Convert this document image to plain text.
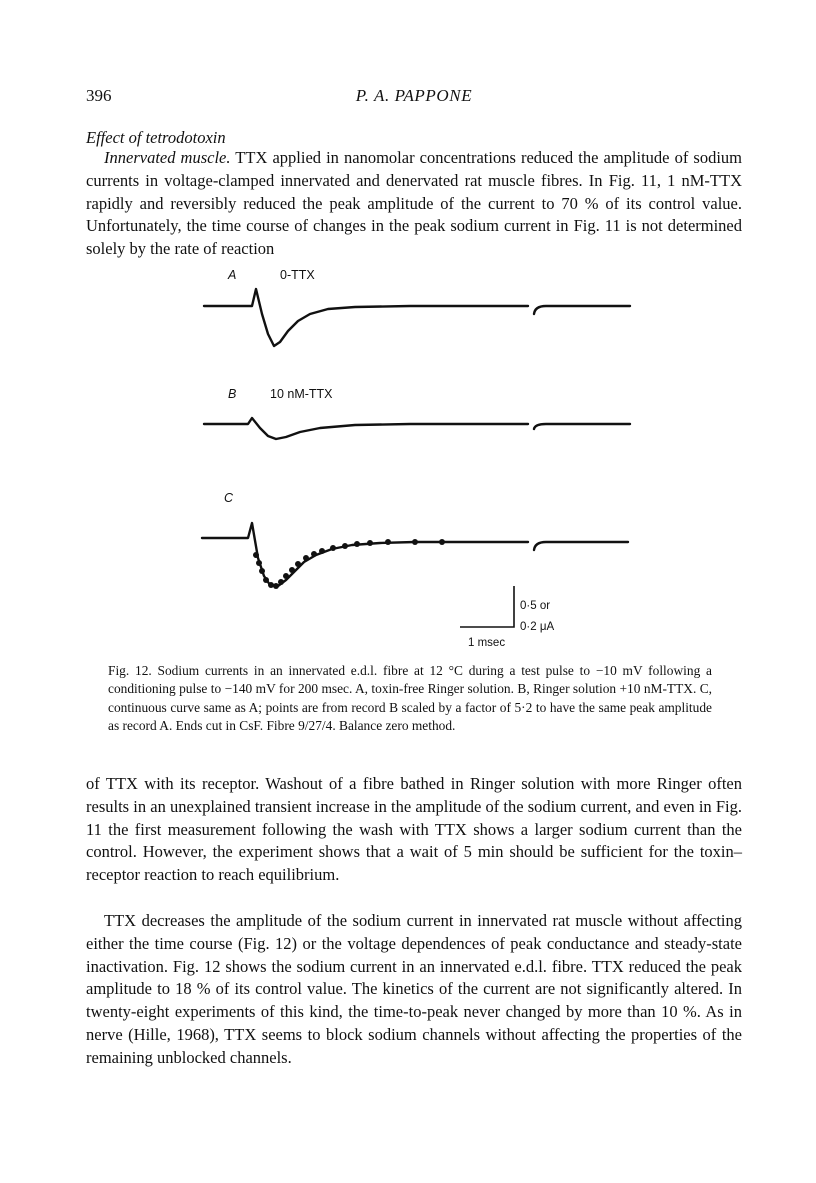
396	P. A. PAPPONE
Effect of tetrodotoxin

Innervated muscle. TTX applied in nanomolar concentrations reduced the amplitude of sodium currents in voltage-clamped innervated and denervated rat muscle fibres. In Fig. 11, 1 nM-TTX rapidly and reversibly reduced the peak amplitude of the current to 70 % of its control value. Unfortunately, the time course of changes in the peak sodium current in Fig. 11 is not determined solely by the rate of reaction

A	0-TTX
B	10 nM-TTX
C
0·5 or
0·2 μA
1 msec

Fig. 12. Sodium currents in an innervated e.d.l. fibre at 12 °C during a test pulse to −10 mV following a conditioning pulse to −140 mV for 200 msec. A, toxin-free Ringer solution. B, Ringer solution +10 nM-TTX. C, continuous curve same as A; points are from record B scaled by a factor of 5·2 to have the same peak amplitude as record A. Ends cut in CsF. Fibre 9/27/4. Balance zero method.

of TTX with its receptor. Washout of a fibre bathed in Ringer solution with more Ringer often results in an unexplained transient increase in the amplitude of the sodium current, and even in Fig. 11 the first measurement following the wash with TTX shows a larger sodium current than the control. However, the experiment shows that a wait of 5 min should be sufficient for the toxin–receptor reaction to reach equilibrium.

TTX decreases the amplitude of the sodium current in innervated rat muscle without affecting either the time course (Fig. 12) or the voltage dependences of peak conductance and steady-state inactivation. Fig. 12 shows the sodium current in an innervated e.d.l. fibre. TTX reduced the peak amplitude to 18 % of its control value. The kinetics of the current are not significantly altered. In twenty-eight experiments of this kind, the time-to-peak never changed by more than 10 %. As in nerve (Hille, 1968), TTX seems to block sodium channels without affecting the properties of the remaining unblocked channels.
